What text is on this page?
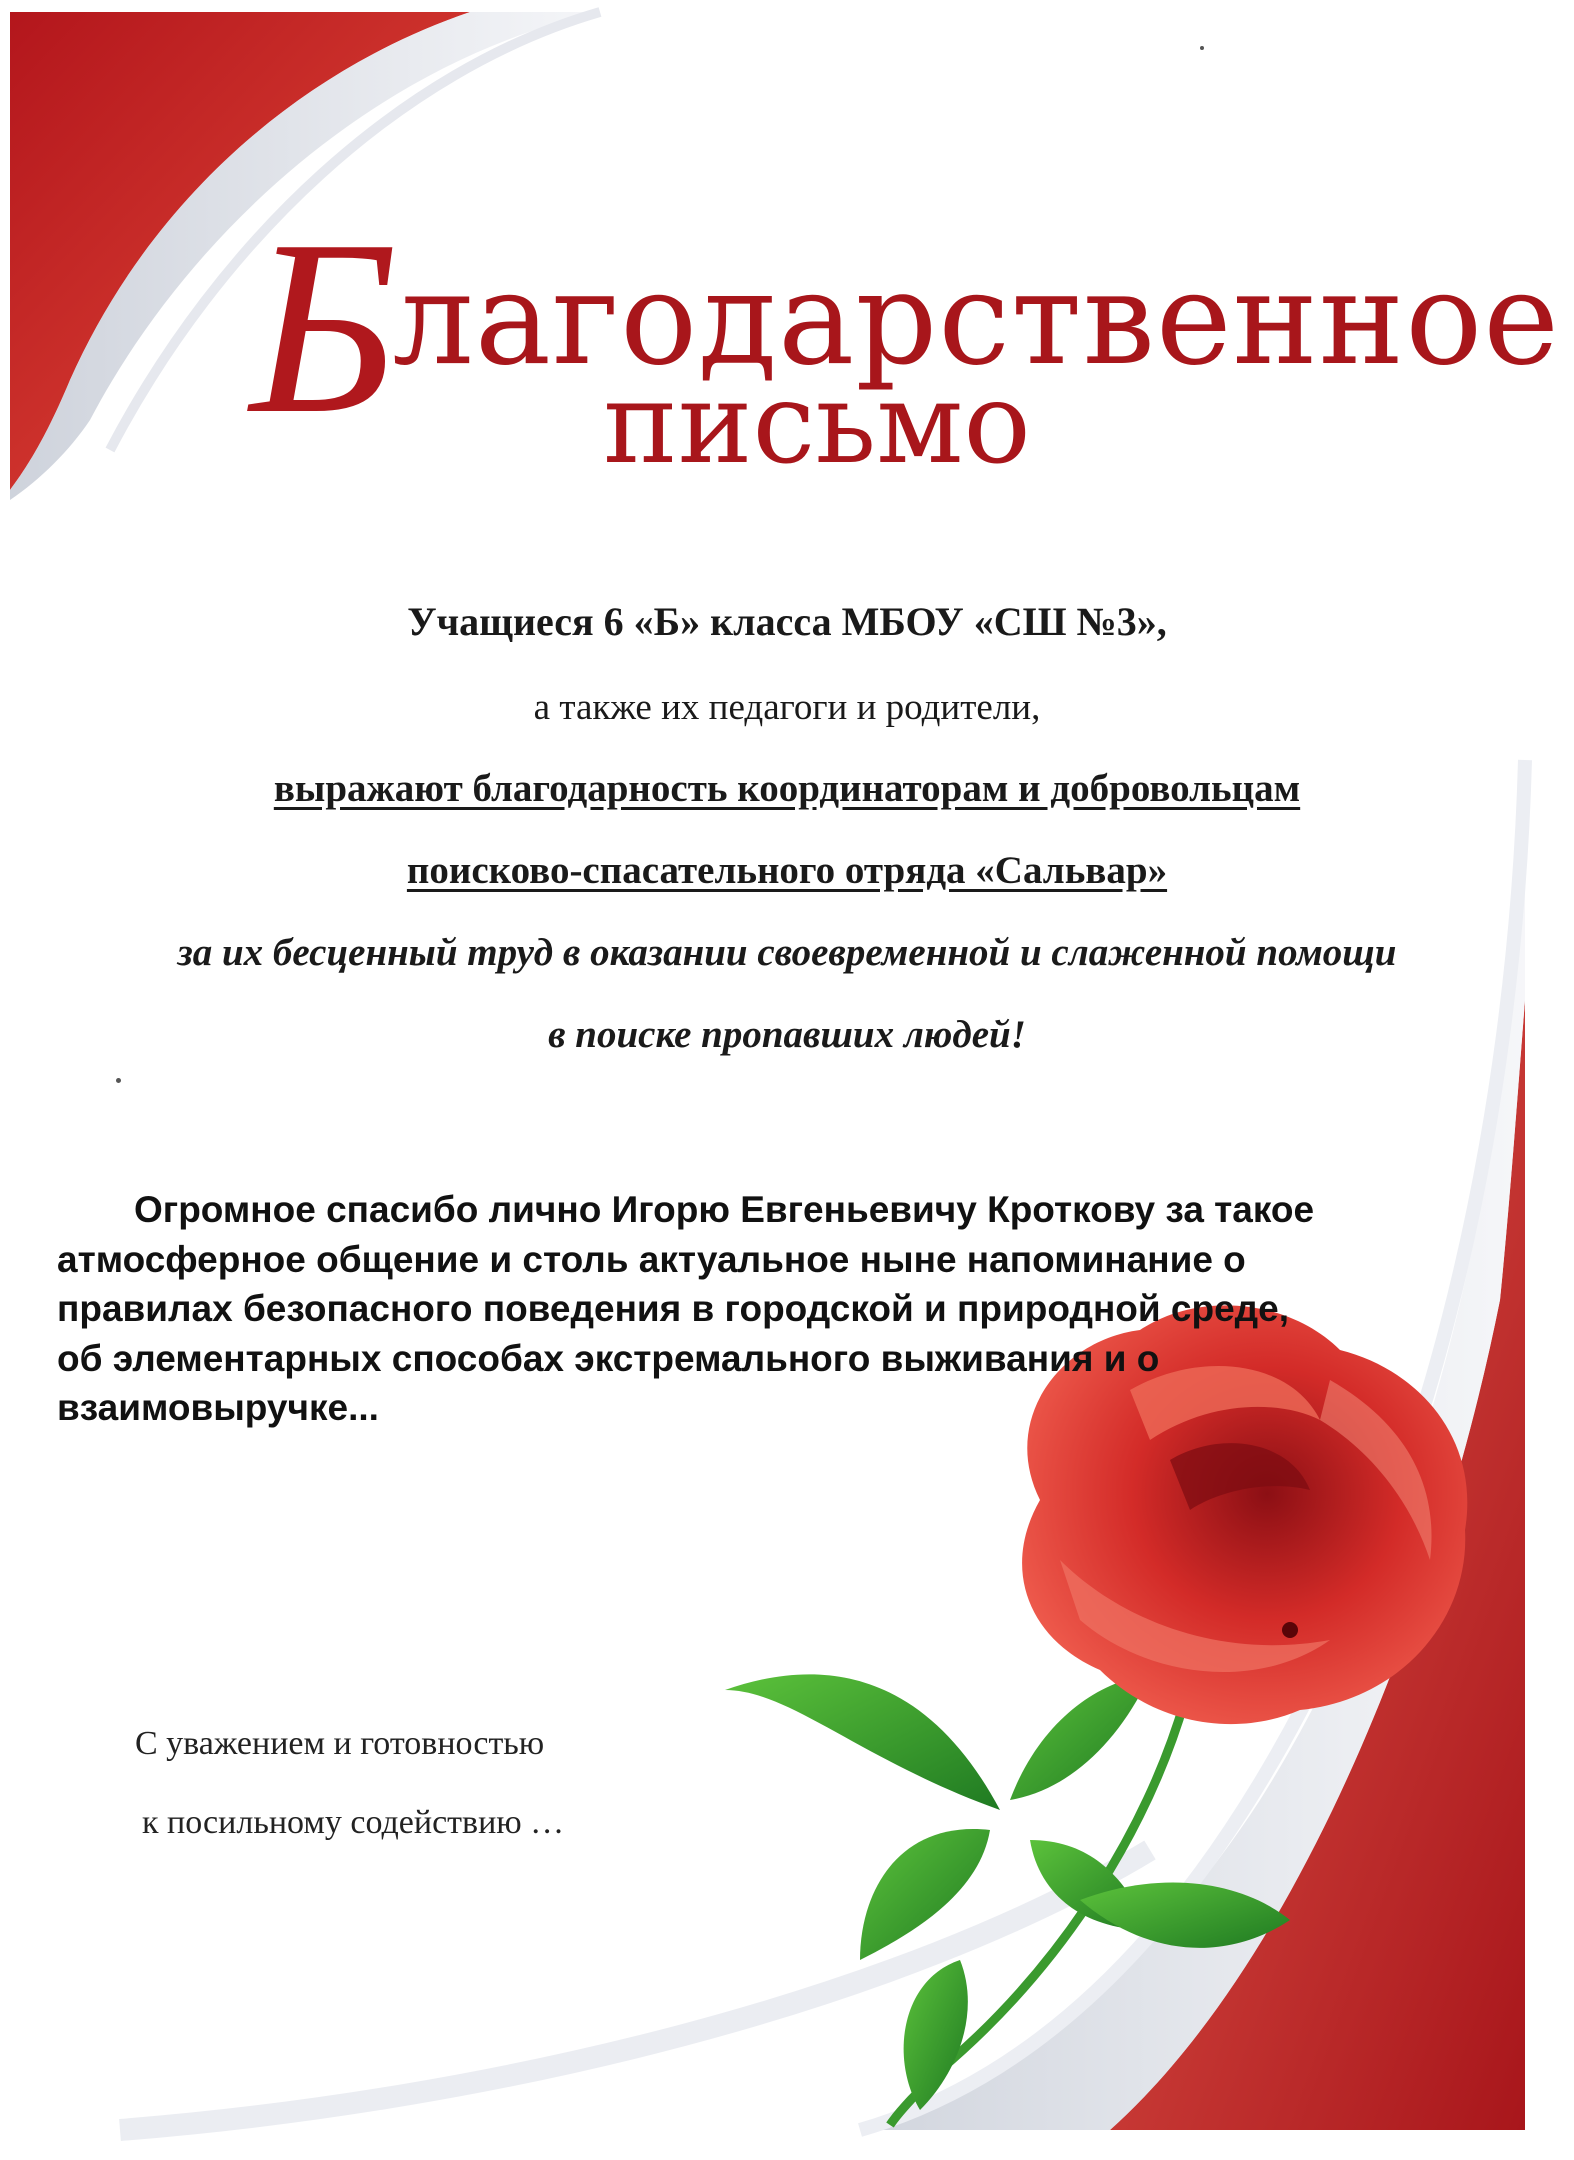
Благодарственное
письмо
Учащиеся 6 «Б» класса МБОУ «СШ №3»,
а также их педагоги и родители,
выражают благодарность координаторам и добровольцам
поисково-спасательного отряда «Сальвар»
за их бесценный труд в оказании своевременной и слаженной помощи
в поиске пропавших людей!
Огромное спасибо лично Игорю Евгеньевичу Кроткову за такое
атмосферное общение и столь актуальное ныне напоминание о
правилах безопасного поведения в городской и природной среде,
об элементарных способах экстремального выживания и о
взаимовыручке...
С уважением и готовностью
к посильному содействию …
